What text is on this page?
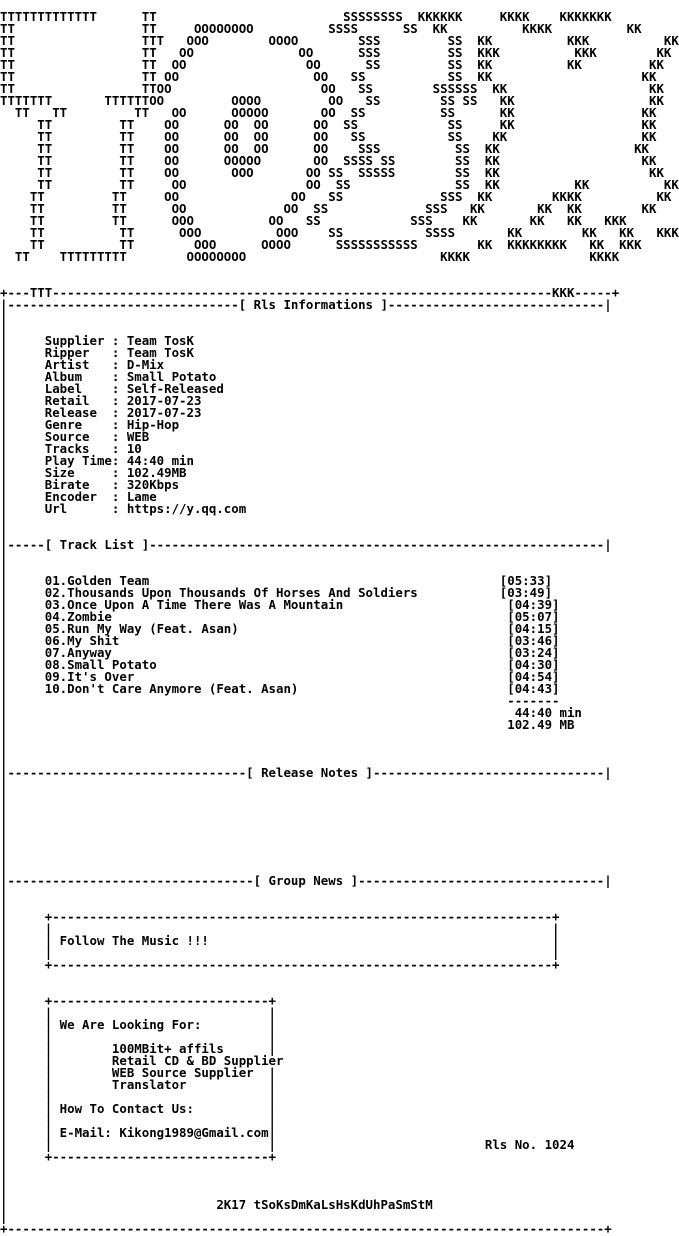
TTTTTTTTTTTTT      TT                         SSSSSSSS  KKKKKK     KKKK    KKKKKKK
TT                 TT     OOOOOOOO          SSSS      SS  KK          KKKK          KK
TT                 TTT   OOO        OOOO        SSS         SS  KK          KKK          KK
TT                 TT   OO              OO      SSS         SS  KKK          KKK        KK
TT                 TT  OO                OO      SS         SS  KK          KK         KK
TT                 TT OO                  OO   SS           SS  KK                    KK
TT                 TTOO                    OO   SS        SSSSSS  KK                   KK
TTTTTTT       TTTTTTOO         OOOO         OO   SS        SS SS   KK                  KK
TT   TT         TT   OO      OOOOO       OO  SS          SS      KK                 KK
TT         TT    OO      OO  OO      OO  SS            SS     KK                 KK
TT         TT    OO      OO  OO      OO   SS           SS    KK                  KK
TT         TT    OO      OO  OO      OO    SSS          SS  KK                  KK
TT         TT    OO      OOOOO       OO  SSSS SS        SS  KK                   KK
TT         TT    OO       OOO       OO SS  SSSSS        SS  KK                    KK
TT         TT     OO                OO  SS              SS  KK          KK          KK
TT         TT     OO               OO   SS             SSS  KK        KKKK          KK
TT         TT      OO             OO  SS             SSS   KK       KK  KK        KK
TT         TT      OOO          OO   SS            SSS    KK       KK   KK   KKK
TT          TT      OOO          OOO    SS           SSSS       KK        KK   KK   KKK
TT          TT        OOO      OOOO      SSSSSSSSSSS        KK  KKKKKKKK   KK  KKK
TT    TTTTTTTTT        OOOOOOOO                          KKKK                KKKK

+---TTT-------------------------------------------------------------------KKK-----+
|-------------------------------[ Rls Informations ]-----------------------------|
|
|
|     Supplier : Team TosK
|     Ripper   : Team TosK
|     Artist   : D-Mix
|     Album    : Small Potato
|     Label    : Self-Released
|     Retail   : 2017-07-23
|     Release  : 2017-07-23
|     Genre    : Hip-Hop
|     Source   : WEB
|     Tracks   : 10
|     Play Time: 44:40 min
|     Size     : 102.49MB
|     Birate   : 320Kbps
|     Encoder  : Lame
|     Url      : https://y.qq.com
|
|
|-----[ Track List ]-------------------------------------------------------------|
|
|
|     01.Golden Team                                               [05:33]
|     02.Thousands Upon Thousands Of Horses And Soldiers           [03:49]
|     03.Once Upon A Time There Was A Mountain                      [04:39]
|     04.Zombie                                                     [05:07]
|     05.Run My Way (Feat. Asan)                                    [04:15]
|     06.My Shit                                                    [03:46]
|     07.Anyway                                                     [03:24]
|     08.Small Potato                                               [04:30]
|     09.It's Over                                                  [04:54]
|     10.Don't Care Anymore (Feat. Asan)                            [04:43]
|                                                                   -------
|                                                                    44:40 min
|                                                                   102.49 MB
|
|
|
|--------------------------------[ Release Notes ]-------------------------------|
|
|
|
|
|
|
|
|
|---------------------------------[ Group News ]---------------------------------|
|
|
|     +-------------------------------------------------------------------+
|     |                                                                   |
|     | Follow The Music !!!                                              |
|     |                                                                   |
|     +-------------------------------------------------------------------+
|
|
|     +-----------------------------+
|     |                             |
|     | We Are Looking For:         |
|     |                             |
|     |        100MBit+ affils      |
|     |        Retail CD & BD Supplier
|     |        WEB Source Supplier  |
|     |        Translator           |
|     |                             |
|     | How To Contact Us:          |
|     |                             |
|     | E-Mail: Kikong1989@Gmail.com|
|     |                             |                            Rls No. 1024
|     +-----------------------------+
|
|
|
|                            2K17 tSoKsDmKaLsHsKdUhPaSmStM
|
+--------------------------------------------------------------------------------+
